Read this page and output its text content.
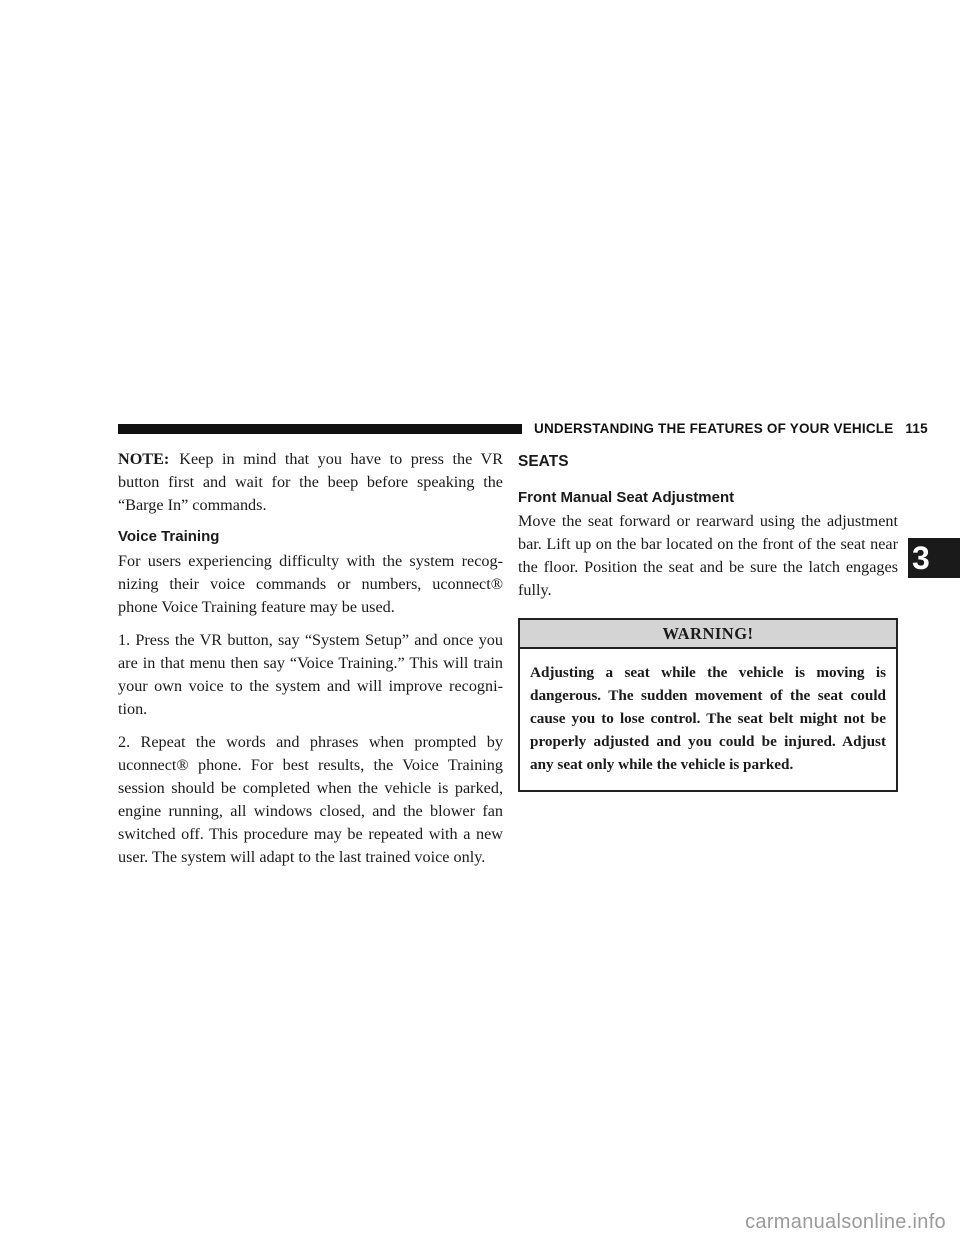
UNDERSTANDING THE FEATURES OF YOUR VEHICLE 115

NOTE: Keep in mind that you have to press the VR button first and wait for the beep before speaking the “Barge In” commands.

Voice Training

For users experiencing difficulty with the system recog-nizing their voice commands or numbers, uconnect® phone Voice Training feature may be used.

1. Press the VR button, say “System Setup” and once you are in that menu then say “Voice Training.” This will train your own voice to the system and will improve recogni-tion.

2. Repeat the words and phrases when prompted by uconnect® phone. For best results, the Voice Training session should be completed when the vehicle is parked, engine running, all windows closed, and the blower fan switched off. This procedure may be repeated with a new user. The system will adapt to the last trained voice only.

SEATS
Front Manual Seat Adjustment

Move the seat forward or rearward using the adjustment bar. Lift up on the bar located on the front of the seat near the floor. Position the seat and be sure the latch engages fully.

WARNING!
Adjusting a seat while the vehicle is moving is dangerous. The sudden movement of the seat could cause you to lose control. The seat belt might not be properly adjusted and you could be injured. Adjust any seat only while the vehicle is parked.
3
carmanualsonline.info
